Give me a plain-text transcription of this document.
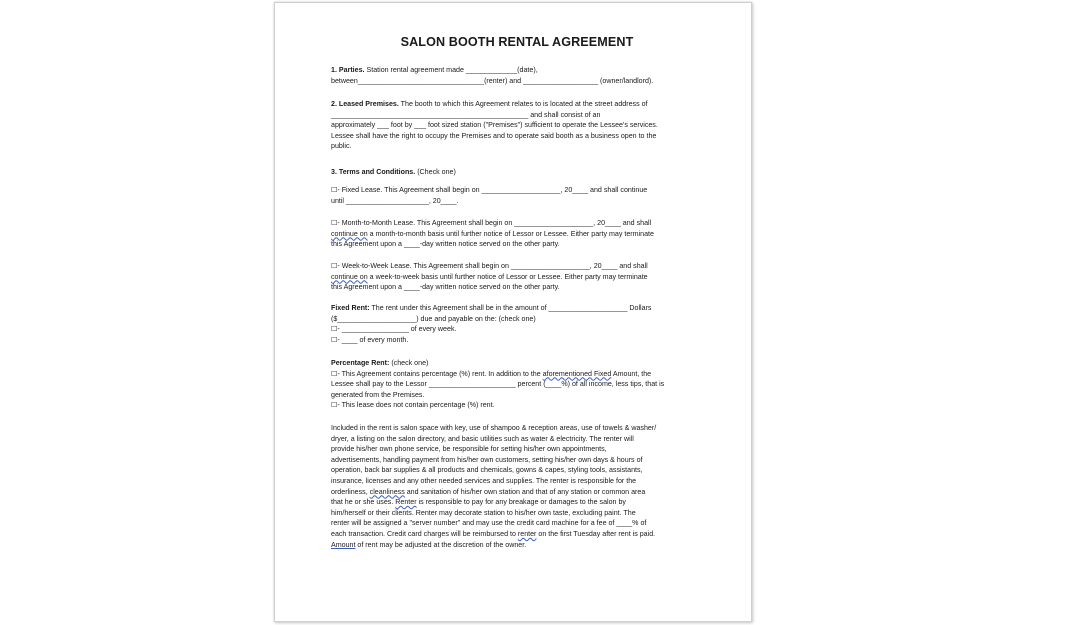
SALON BOOTH RENTAL AGREEMENT
1. Parties. Station rental agreement made _____________(date),
between________________________________(renter) and ___________________ (owner/landlord).
2. Leased Premises. The booth to which this Agreement relates to is located at the street address of
__________________________________________________ and shall consist of an
approximately ___ foot by ___ foot sized station ("Premises") sufficient to operate the Lessee's services.
Lessee shall have the right to occupy the Premises and to operate said booth as a business open to the
public.
3. Terms and Conditions. (Check one)
☐- Fixed Lease. This Agreement shall begin on ____________________, 20____ and shall continue
until _____________________, 20____.
☐- Month-to-Month Lease. This Agreement shall begin on ____________________, 20____ and shall
continue on a month-to-month basis until further notice of Lessor or Lessee. Either party may terminate
this Agreement upon a ____-day written notice served on the other party.
☐- Week-to-Week Lease. This Agreement shall begin on ____________________, 20____ and shall
continue on a week-to-week basis until further notice of Lessor or Lessee. Either party may terminate
this Agreement upon a ____-day written notice served on the other party.
Fixed Rent: The rent under this Agreement shall be in the amount of ____________________ Dollars
($____________________) due and payable on the: (check one)
☐- _________________ of every week.
☐- ____ of every month.
Percentage Rent: (check one)
☐- This Agreement contains percentage (%) rent. In addition to the aforementioned Fixed Amount, the
Lessee shall pay to the Lessor ______________________ percent (____%) of all income, less tips, that is
generated from the Premises.
☐- This lease does not contain percentage (%) rent.
Included in the rent is salon space with key, use of shampoo & reception areas, use of towels & washer/
dryer, a listing on the salon directory, and basic utilities such as water & electricity. The renter will
provide his/her own phone service, be responsible for setting his/her own appointments,
advertisements, handling payment from his/her own customers, setting his/her own days & hours of
operation, back bar supplies & all products and chemicals, gowns & capes, styling tools, assistants,
insurance, licenses and any other needed services and supplies. The renter is responsible for the
orderliness, cleanliness and sanitation of his/her own station and that of any station or common area
that he or she uses. Renter is responsible to pay for any breakage or damages to the salon by
him/herself or their clients. Renter may decorate station to his/her own taste, excluding paint. The
renter will be assigned a "server number" and may use the credit card machine for a fee of ____% of
each transaction. Credit card charges will be reimbursed to renter on the first Tuesday after rent is paid.
Amount of rent may be adjusted at the discretion of the owner.
